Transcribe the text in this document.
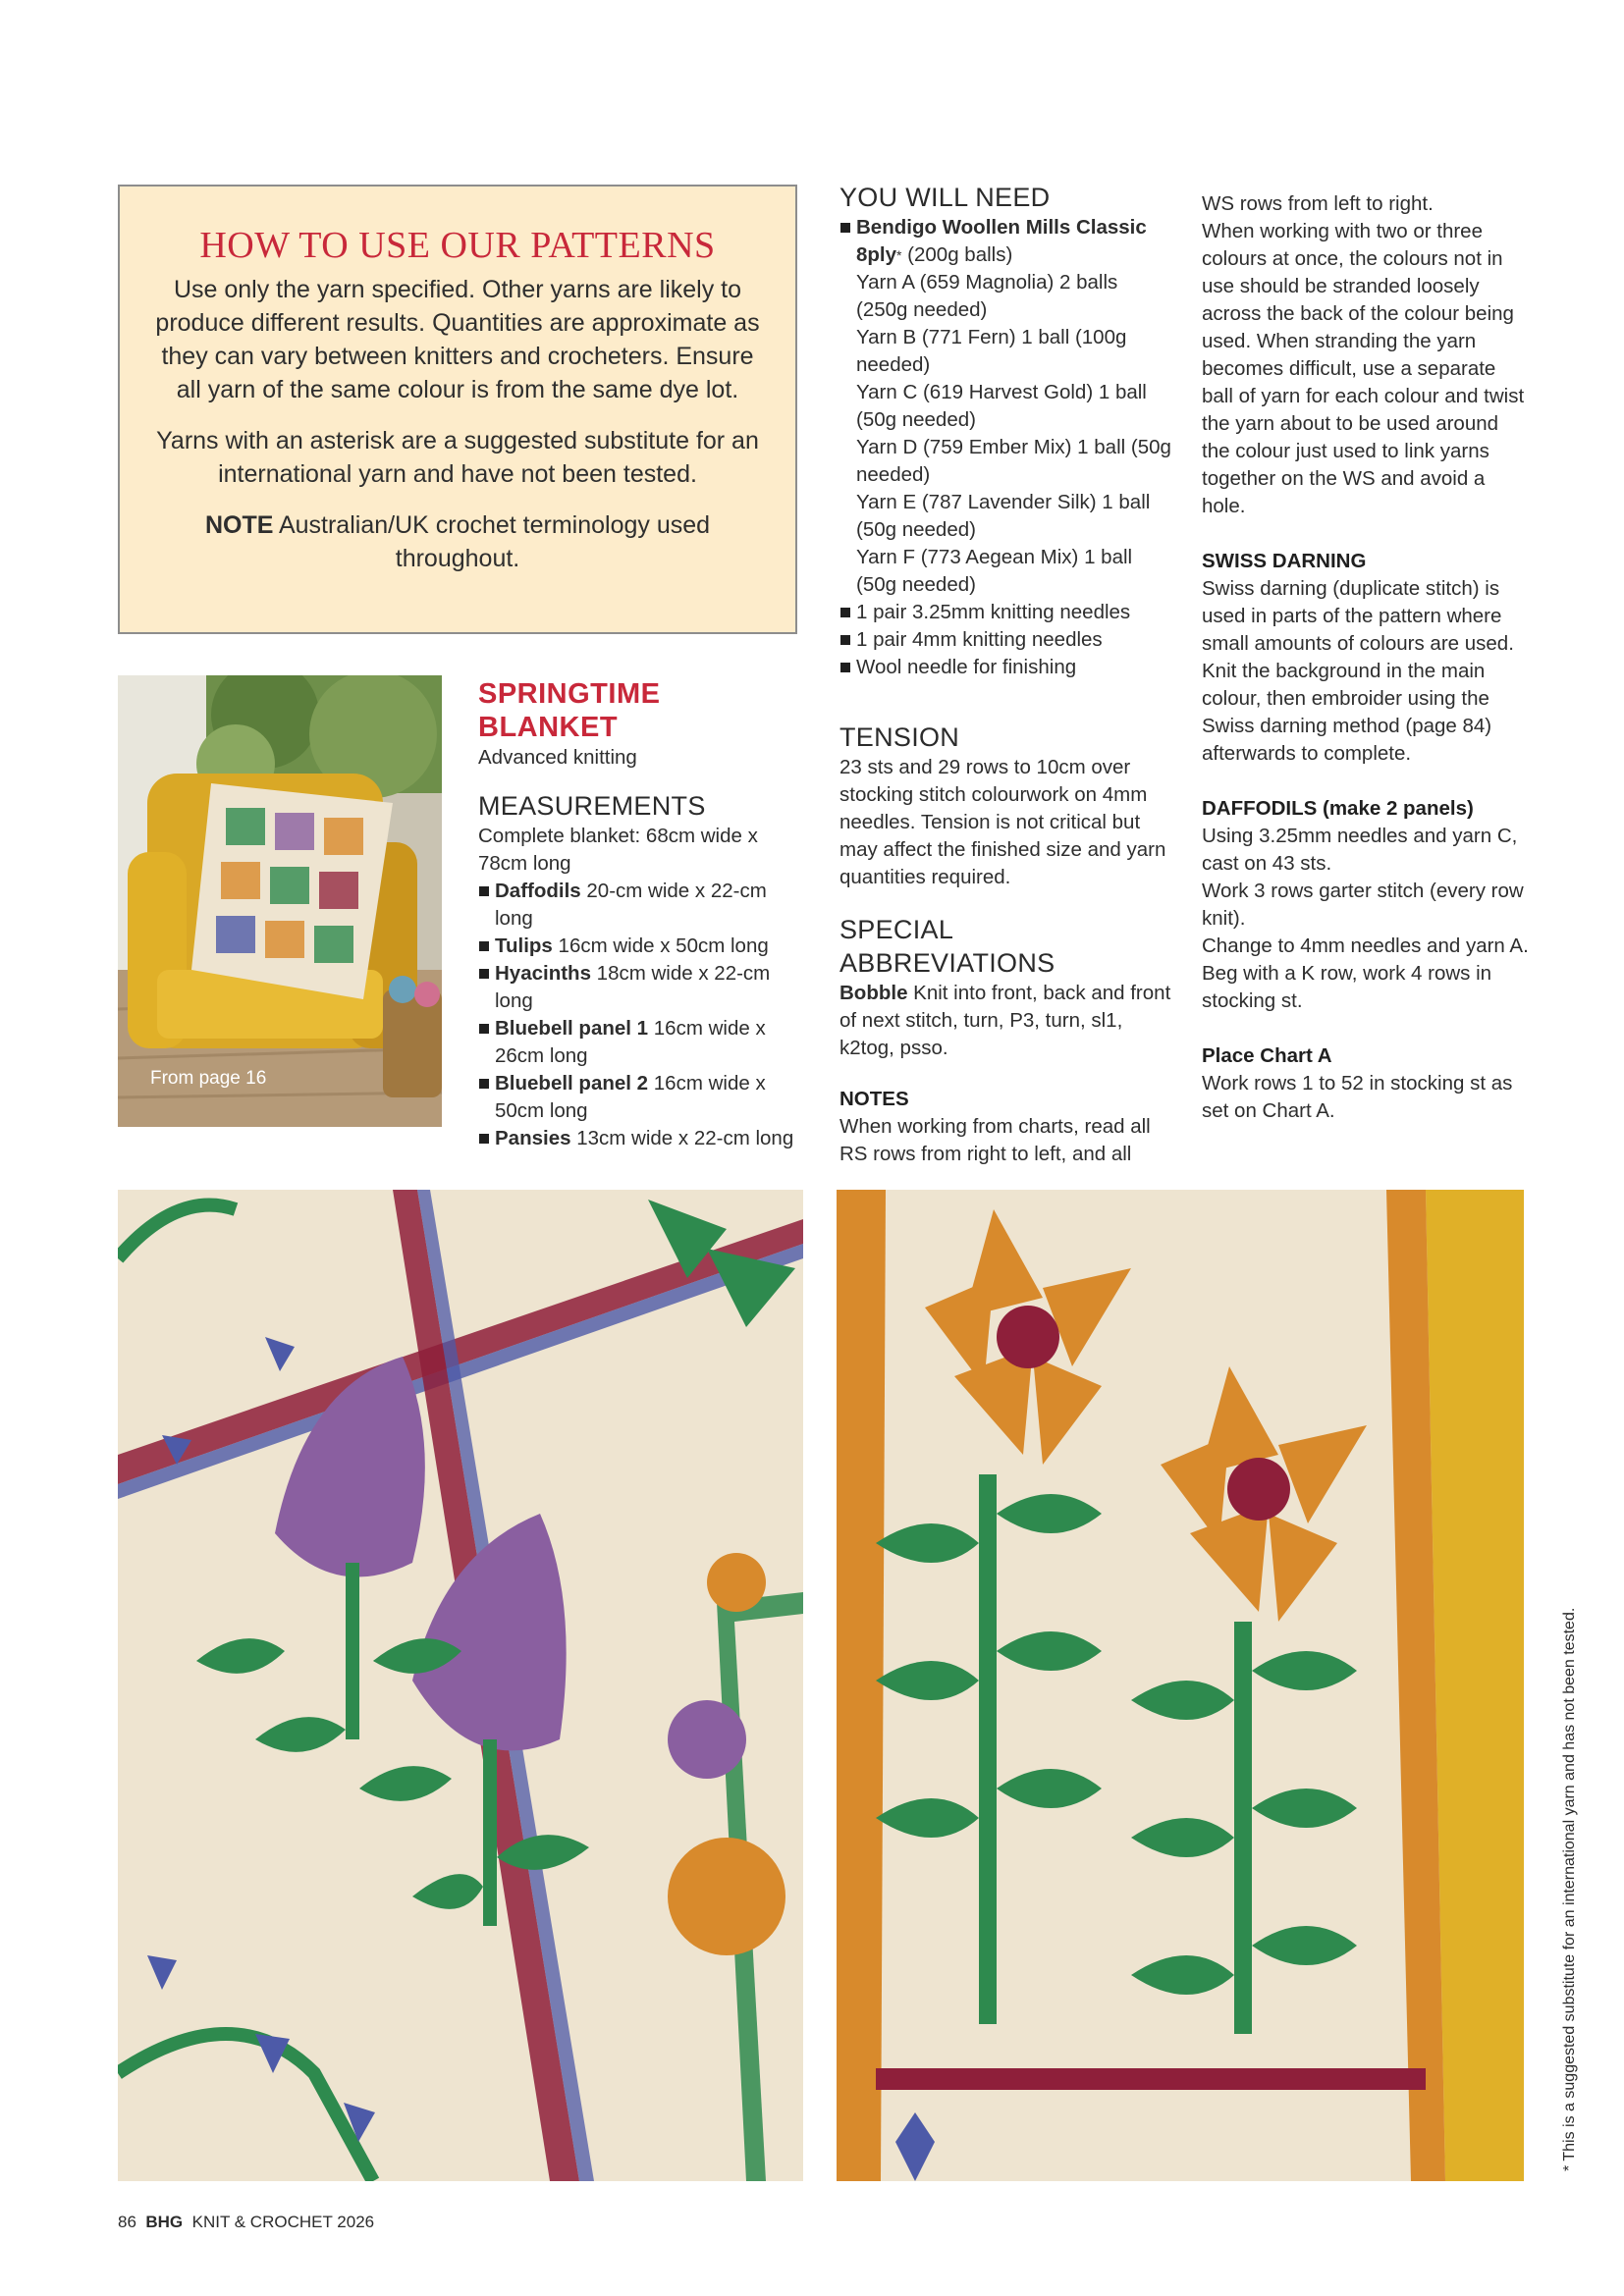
HOW TO USE OUR PATTERNS

Use only the yarn specified. Other yarns are likely to produce different results. Quantities are approximate as they can vary between knitters and crocheters. Ensure all yarn of the same colour is from the same dye lot.

Yarns with an asterisk are a suggested substitute for an international yarn and have not been tested.

NOTE Australian/UK crochet terminology used throughout.

From page 16
SPRINGTIME BLANKET
Advanced knitting
MEASUREMENTS
Complete blanket: 68cm wide x 78cm long
Daffodils 20-cm wide x 22-cm long
Tulips 16cm wide x 50cm long
Hyacinths 18cm wide x 22-cm long
Bluebell panel 1 16cm wide x 26cm long
Bluebell panel 2 16cm wide x 50cm long
Pansies 13cm wide x 22-cm long
YOU WILL NEED
Bendigo Woollen Mills Classic 8ply* (200g balls)
Yarn A (659 Magnolia) 2 balls (250g needed)
Yarn B (771 Fern) 1 ball (100g needed)
Yarn C (619 Harvest Gold) 1 ball (50g needed)
Yarn D (759 Ember Mix) 1 ball (50g needed)
Yarn E (787 Lavender Silk) 1 ball (50g needed)
Yarn F (773 Aegean Mix) 1 ball (50g needed)
1 pair 3.25mm knitting needles
1 pair 4mm knitting needles
Wool needle for finishing
TENSION

23 sts and 29 rows to 10cm over stocking stitch colourwork on 4mm needles. Tension is not critical but may affect the finished size and yarn quantities required.

SPECIAL ABBREVIATIONS

Bobble Knit into front, back and front of next stitch, turn, P3, turn, sl1, k2tog, psso.

NOTES

When working from charts, read all RS rows from right to left, and all

WS rows from left to right.

When working with two or three colours at once, the colours not in use should be stranded loosely across the back of the colour being used. When stranding the yarn becomes difficult, use a separate ball of yarn for each colour and twist the yarn about to be used around the colour just used to link yarns together on the WS and avoid a hole.

SWISS DARNING

Swiss darning (duplicate stitch) is used in parts of the pattern where small amounts of colours are used. Knit the background in the main colour, then embroider using the Swiss darning method (page 84) afterwards to complete.

DAFFODILS (make 2 panels)

Using 3.25mm needles and yarn C, cast on 43 sts.

Work 3 rows garter stitch (every row knit).

Change to 4mm needles and yarn A.

Beg with a K row, work 4 rows in stocking st.

Place Chart A

Work rows 1 to 52 in stocking st as set on Chart A.

* This is a suggested substitute for an international yarn and has not been tested.
86 BHG KNIT & CROCHET 2026
